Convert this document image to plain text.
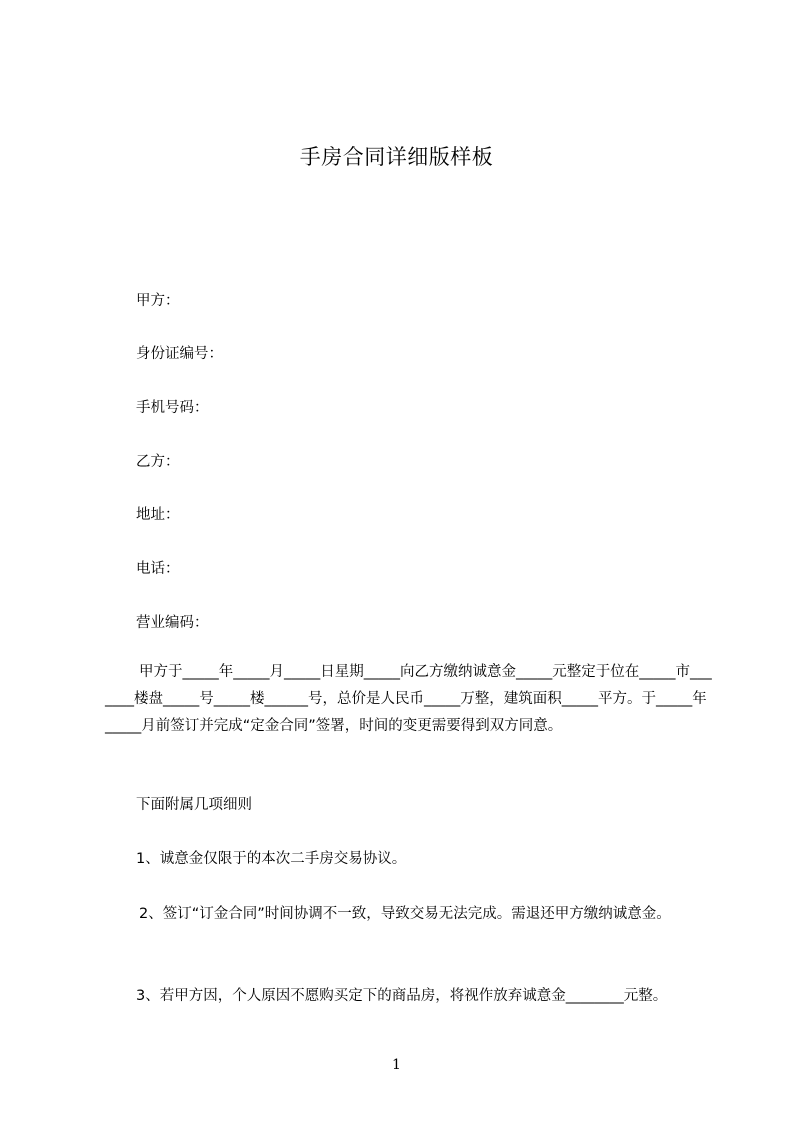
手房合同详细版样板
甲方：
身份证编号：
手机号码：
乙方：
地址：
电话：
营业编码：

甲方于_____年_____月_____日星期_____向乙方缴纳诚意金_____元整定于位在_____市_______楼盘_____号_____楼______号，总价是人民币_____万整，建筑面积_____平方。于_____年_____月前签订并完成“定金合同”签署，时间的变更需要得到双方同意。

下面附属几项细则
1、诚意金仅限于的本次二手房交易协议。

2、签订“订金合同”时间协调不一致，导致交易无法完成。需退还甲方缴纳诚意金。

3、若甲方因，个人原因不愿购买定下的商品房，将视作放弃诚意金________元整。
1
